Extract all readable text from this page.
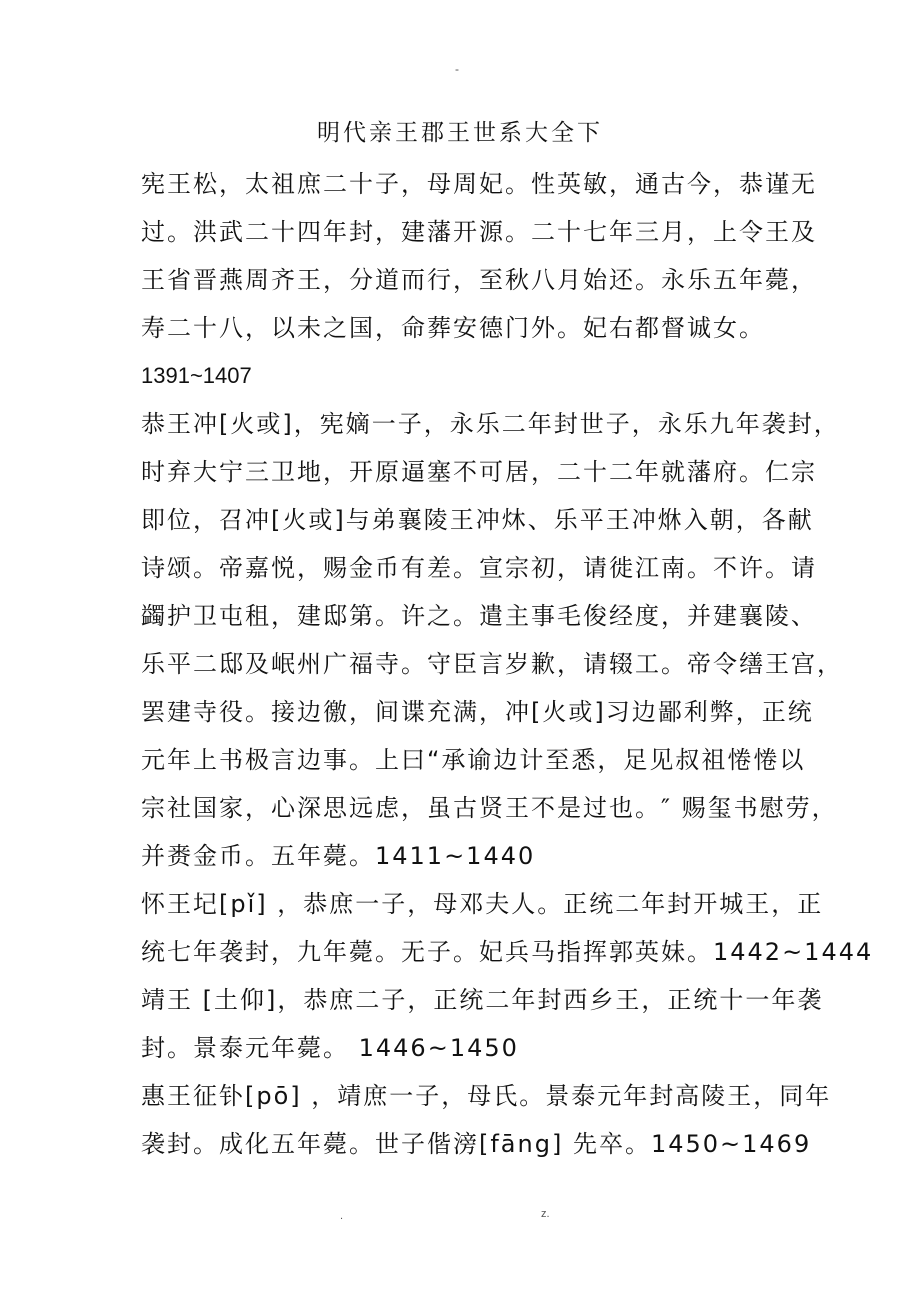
-
明代亲王郡王世系大全下
宪王松，太祖庶二十子，母周妃。性英敏，通古今，恭谨无
过。洪武二十四年封，建藩开源。二十七年三月，上令王及
王省晋燕周齐王，分道而行，至秋八月始还。永乐五年薨，
寿二十八，以未之国，命葬安德门外。妃右都督诚女。
1391~1407
恭王冲[火或]，宪嫡一子，永乐二年封世子，永乐九年袭封，
时弃大宁三卫地，开原逼塞不可居，二十二年就藩府。仁宗
即位，召冲[火或]与弟襄陵王冲炑、乐平王冲烌入朝，各献
诗颂。帝嘉悦，赐金币有差。宣宗初，请徙江南。不许。请
蠲护卫屯租，建邸第。许之。遣主事毛俊经度，并建襄陵、
乐平二邸及岷州广福寺。守臣言岁歉，请辍工。帝令缮王宫，
罢建寺役。接边徼，间谍充满，冲[火或]习边鄙利弊，正统
元年上书极言边事。上曰“承谕边计至悉，足见叔祖惓惓以
宗社国家，心深思远虑，虽古贤王不是过也。″ 赐玺书慰劳，
并赉金币。五年薨。1411~1440
怀王圮[pǐ] ，恭庶一子，母邓夫人。正统二年封开城王，正
统七年袭封，九年薨。无子。妃兵马指挥郭英妹。1442~1444
靖王 [土仰]，恭庶二子，正统二年封西乡王，正统十一年袭
封。景泰元年薨。 1446~1450
惠王征钋[pō] ，靖庶一子，母氏。景泰元年封高陵王，同年
袭封。成化五年薨。世子偕滂[fāng] 先卒。1450~1469
.	z.
